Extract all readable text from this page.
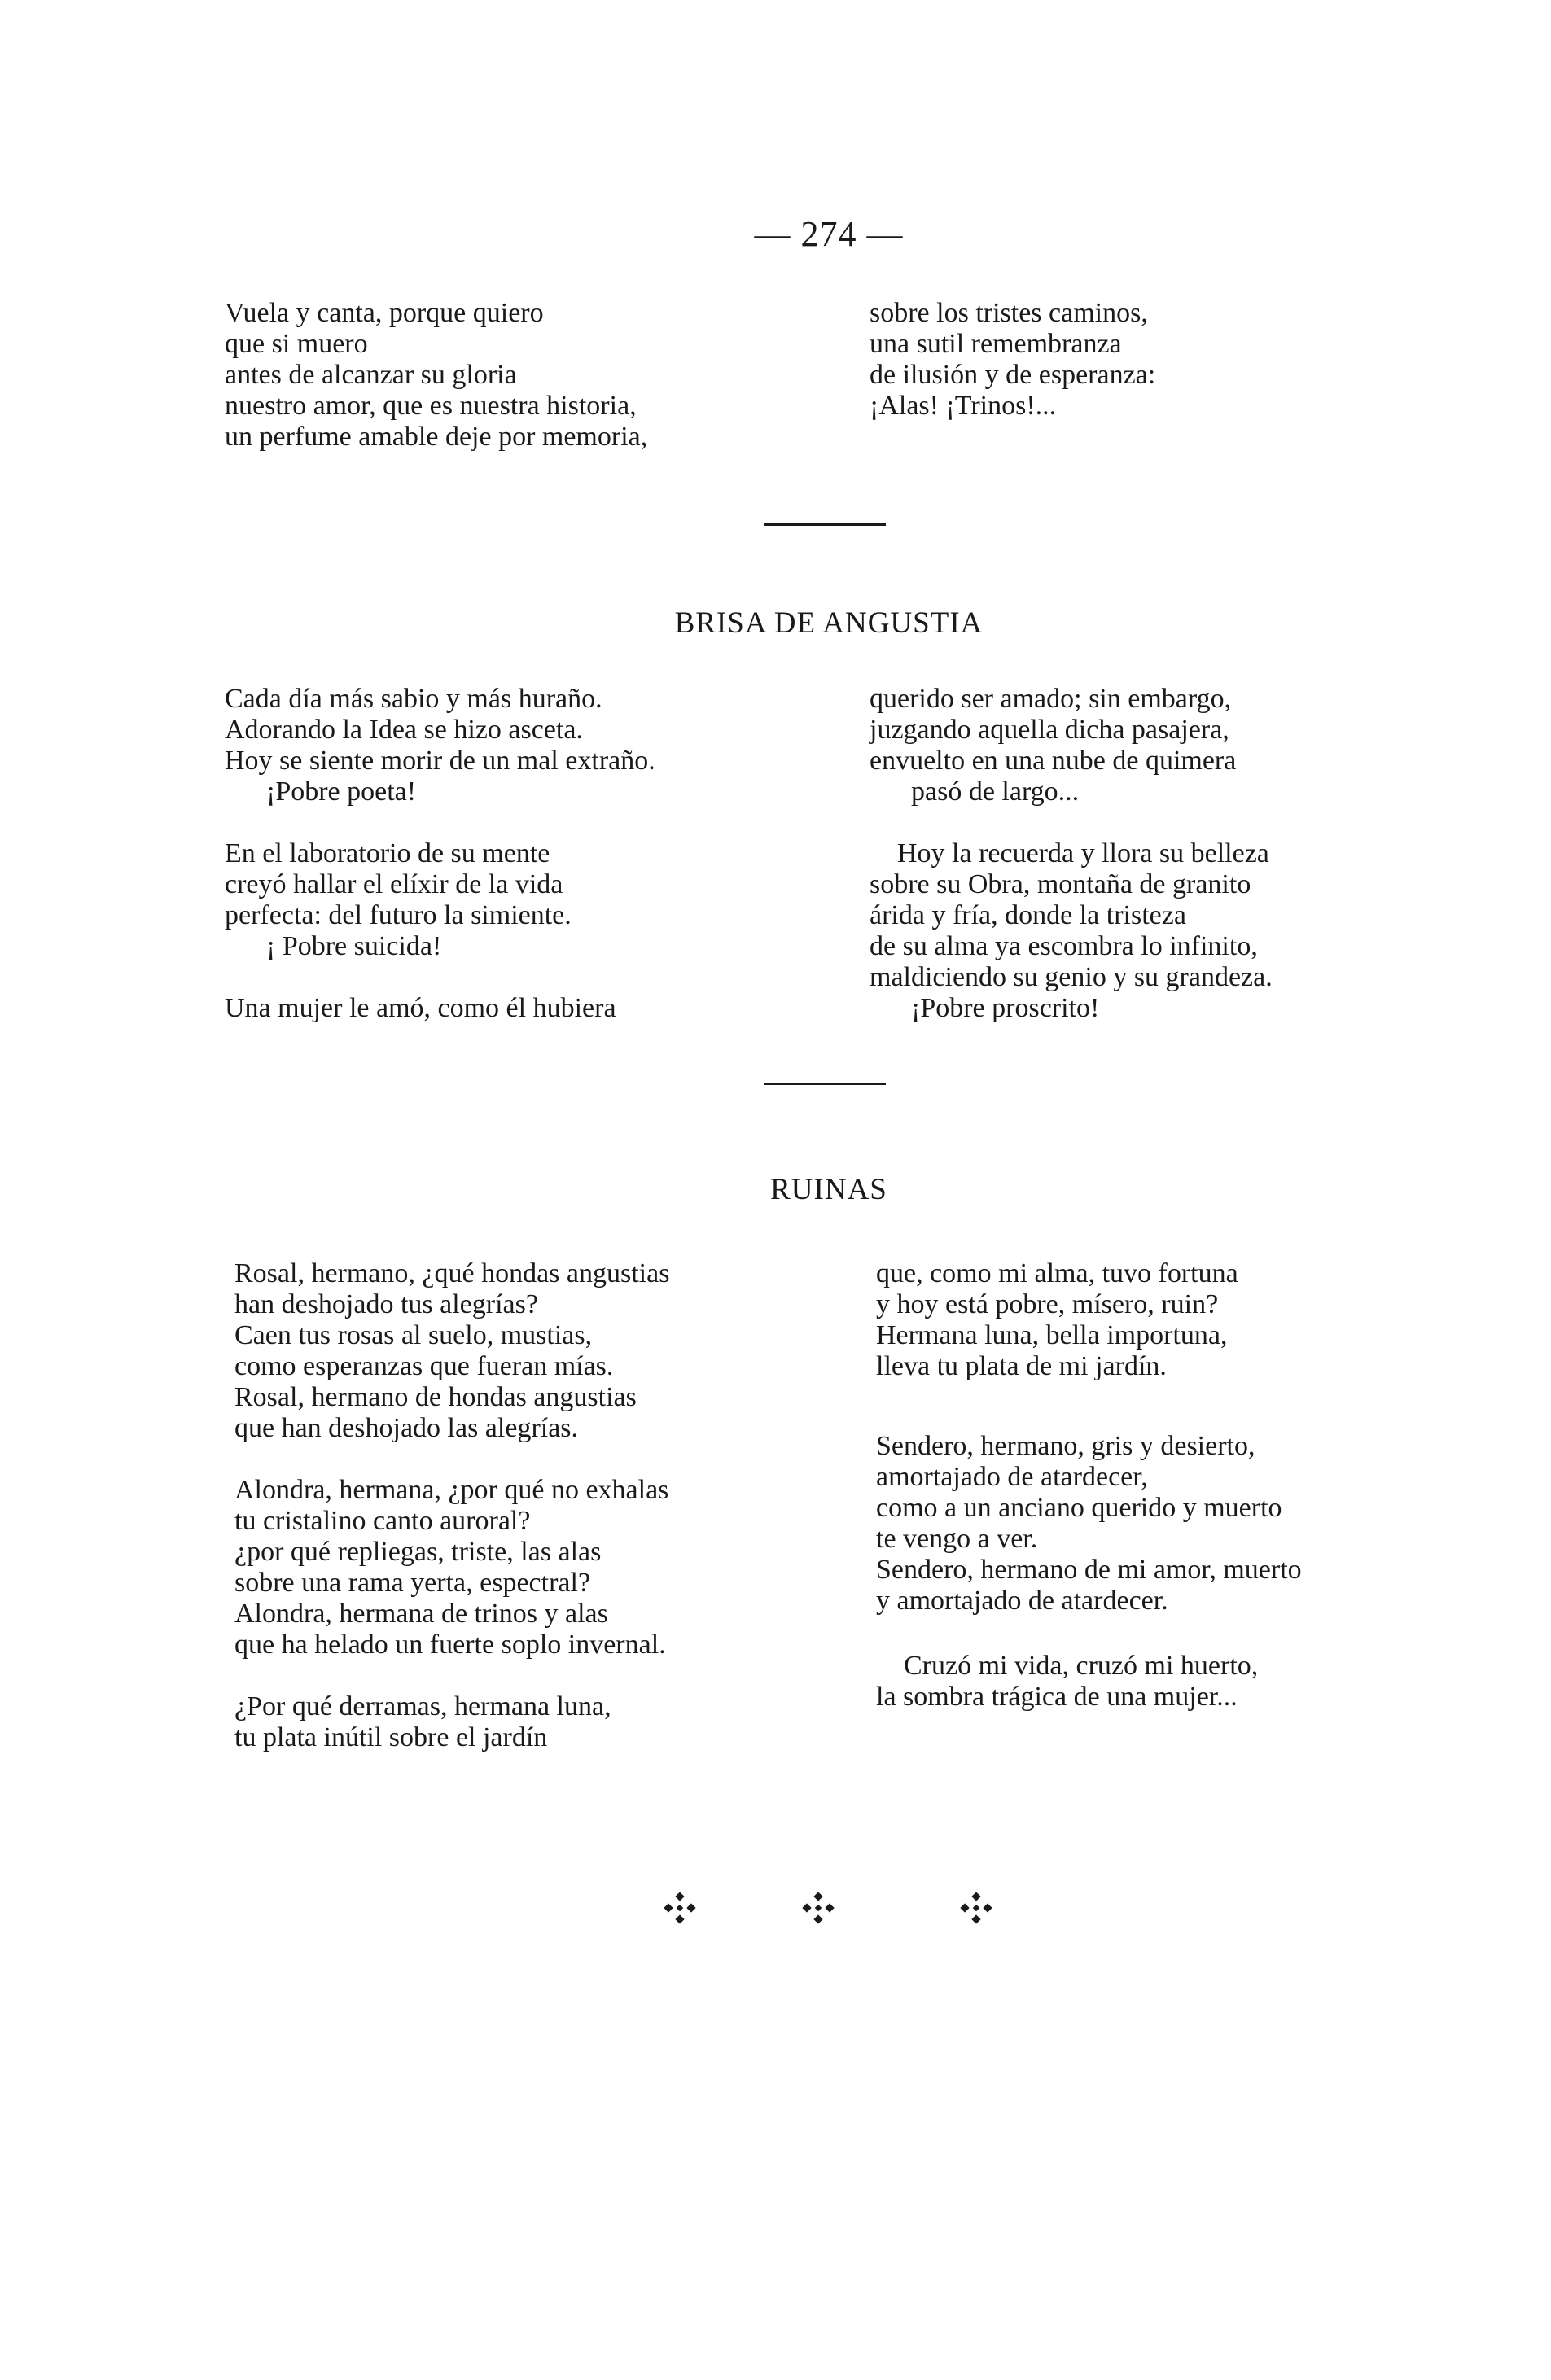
— 274 —
Vuela y canta, porque quiero
que si muero
antes de alcanzar su gloria
nuestro amor, que es nuestra historia,
un perfume amable deje por memoria,
sobre los tristes caminos,
una sutil remembranza
de ilusión y de esperanza:
¡Alas! ¡Trinos!...
BRISA DE ANGUSTIA
Cada día más sabio y más huraño.
Adorando la Idea se hizo asceta.
Hoy se siente morir de un mal extraño.
¡Pobre poeta!
En el laboratorio de su mente
creyó hallar el elíxir de la vida
perfecta: del futuro la simiente.
¡ Pobre suicida!
Una mujer le amó, como él hubiera
querido ser amado; sin embargo,
juzgando aquella dicha pasajera,
envuelto en una nube de quimera
pasó de largo...
Hoy la recuerda y llora su belleza
sobre su Obra, montaña de granito
árida y fría, donde la tristeza
de su alma ya escombra lo infinito,
maldiciendo su genio y su grandeza.
¡Pobre proscrito!
RUINAS
Rosal, hermano, ¿qué hondas angustias
han deshojado tus alegrías?
Caen tus rosas al suelo, mustias,
como esperanzas que fueran mías.
Rosal, hermano de hondas angustias
que han deshojado las alegrías.
Alondra, hermana, ¿por qué no exhalas
tu cristalino canto auroral?
¿por qué repliegas, triste, las alas
sobre una rama yerta, espectral?
Alondra, hermana de trinos y alas
que ha helado un fuerte soplo invernal.
¿Por qué derramas, hermana luna,
tu plata inútil sobre el jardín
que, como mi alma, tuvo fortuna
y hoy está pobre, mísero, ruin?
Hermana luna, bella importuna,
lleva tu plata de mi jardín.
Sendero, hermano, gris y desierto,
amortajado de atardecer,
como a un anciano querido y muerto
te vengo a ver.
Sendero, hermano de mi amor, muerto
y amortajado de atardecer.
Cruzó mi vida, cruzó mi huerto,
la sombra trágica de una mujer...
